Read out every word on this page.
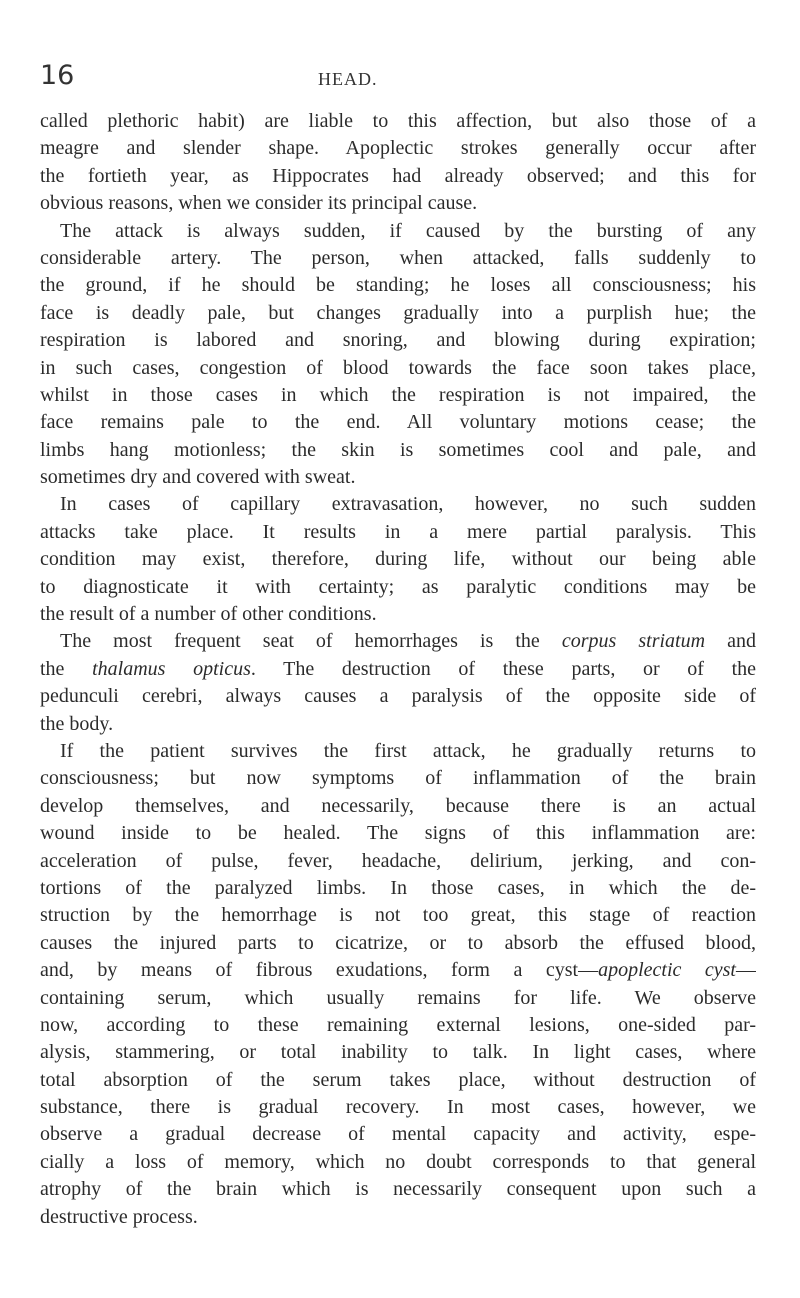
16	HEAD.
called plethoric habit) are liable to this affection, but also those of a
meagre and slender shape. Apoplectic strokes generally occur after
the fortieth year, as Hippocrates had already observed; and this for
obvious reasons, when we consider its principal cause.
The attack is always sudden, if caused by the bursting of any
considerable artery. The person, when attacked, falls suddenly to
the ground, if he should be standing; he loses all consciousness; his
face is deadly pale, but changes gradually into a purplish hue; the
respiration is labored and snoring, and blowing during expiration;
in such cases, congestion of blood towards the face soon takes place,
whilst in those cases in which the respiration is not impaired, the
face remains pale to the end. All voluntary motions cease; the
limbs hang motionless; the skin is sometimes cool and pale, and
sometimes dry and covered with sweat.
In cases of capillary extravasation, however, no such sudden
attacks take place. It results in a mere partial paralysis. This
condition may exist, therefore, during life, without our being able
to diagnosticate it with certainty; as paralytic conditions may be
the result of a number of other conditions.
The most frequent seat of hemorrhages is the corpus striatum and
the thalamus opticus. The destruction of these parts, or of the
pedunculi cerebri, always causes a paralysis of the opposite side of
the body.
If the patient survives the first attack, he gradually returns to
consciousness; but now symptoms of inflammation of the brain
develop themselves, and necessarily, because there is an actual
wound inside to be healed. The signs of this inflammation are:
acceleration of pulse, fever, headache, delirium, jerking, and con-
tortions of the paralyzed limbs. In those cases, in which the de-
struction by the hemorrhage is not too great, this stage of reaction
causes the injured parts to cicatrize, or to absorb the effused blood,
and, by means of fibrous exudations, form a cyst—apoplectic cyst—
containing serum, which usually remains for life. We observe
now, according to these remaining external lesions, one-sided par-
alysis, stammering, or total inability to talk. In light cases, where
total absorption of the serum takes place, without destruction of
substance, there is gradual recovery. In most cases, however, we
observe a gradual decrease of mental capacity and activity, espe-
cially a loss of memory, which no doubt corresponds to that general
atrophy of the brain which is necessarily consequent upon such a
destructive process.
